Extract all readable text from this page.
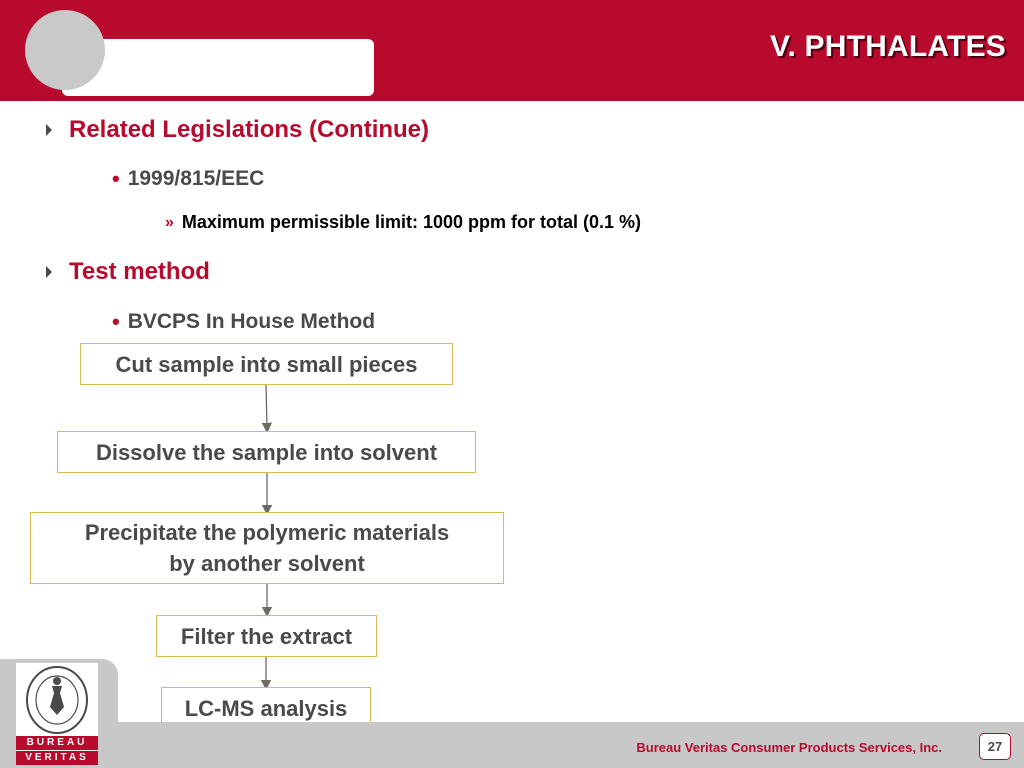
V. PHTHALATES
Related Legislations (Continue)
• 1999/815/EEC
» Maximum permissible limit: 1000 ppm for total (0.1 %)
Test method
• BVCPS In House Method
Cut sample into small pieces
Dissolve the sample into solvent
Precipitate the polymeric materials by another solvent
Filter the extract
LC-MS analysis
BUREAU
VERITAS
Bureau Veritas Consumer Products Services, Inc.	27
